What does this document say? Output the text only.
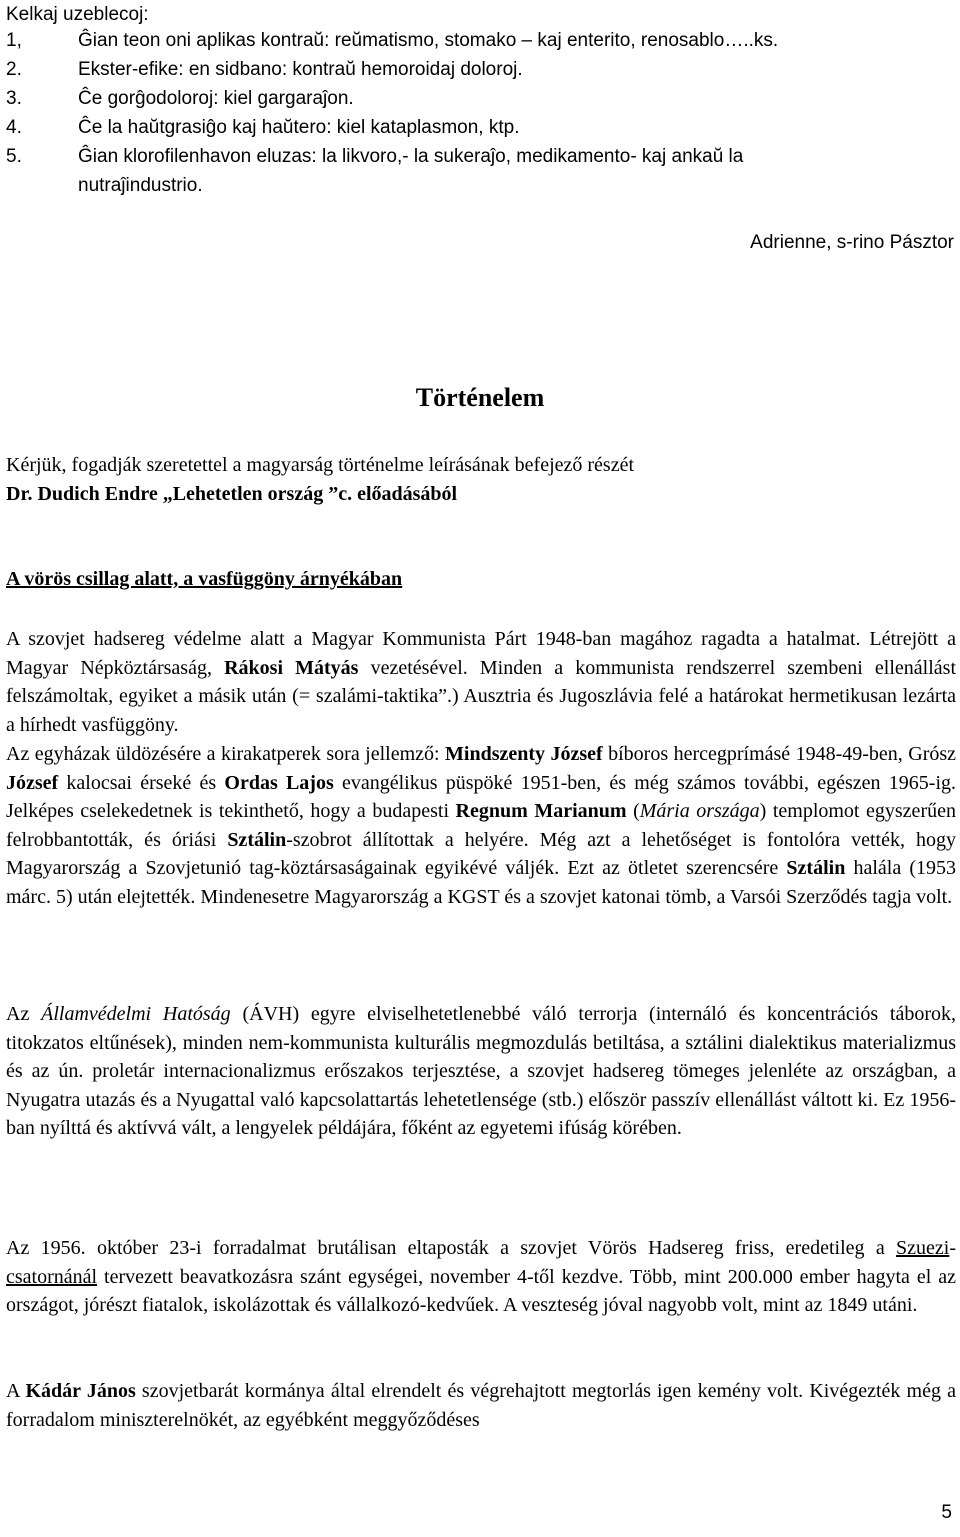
Kelkaj uzeblecoj:
1,	Ĝian teon oni aplikas kontraŭ: reŭmatismo, stomako – kaj enterito, renosablo…..ks.
2.	Ekster-efike: en sidbano: kontraŭ hemoroidaj doloroj.
3.	Ĉe gorĝodoloroj: kiel gargaraĵon.
4.	Ĉe la haŭtgrasiĝo kaj haŭtero: kiel kataplasmon, ktp.
5.	Ĝian klorofilenhavon eluzas: la likvoro,- la sukeraĵo, medikamento- kaj ankaŭ la
nutraĵindustrio.
Adrienne, s-rino Pásztor
Történelem
Kérjük, fogadják szeretettel a magyarság történelme leírásának befejező részét
Dr. Dudich Endre „Lehetetlen ország ”c. előadásából
A vörös csillag alatt, a vasfüggöny árnyékában
A szovjet hadsereg védelme alatt a Magyar Kommunista Párt 1948-ban magához ragadta a hatalmat. Létrejött a Magyar Népköztársaság, Rákosi Mátyás vezetésével. Minden a kommunista rendszerrel szembeni ellenállást felszámoltak, egyiket a másik után (= szalámi-taktika”.) Ausztria és Jugoszlávia felé a határokat hermetikusan lezárta a hírhedt vasfüggöny.
Az egyházak üldözésére a kirakatperek sora jellemző: Mindszenty József bíboros hercegprímásé 1948-49-ben, Grósz József kalocsai érseké és Ordas Lajos evangélikus püspöké 1951-ben, és még számos további, egészen 1965-ig. Jelképes cselekedetnek is tekinthető, hogy a budapesti Regnum Marianum (Mária országa) templomot egyszerűen felrobbantották, és óriási Sztálin-szobrot állítottak a helyére. Még azt a lehetőséget is fontolóra vették, hogy Magyarország a Szovjetunió tag-köztársaságainak egyikévé váljék. Ezt az ötletet szerencsére Sztálin halála (1953 márc. 5) után elejtették. Mindenesetre Magyarország a KGST és a szovjet katonai tömb, a Varsói Szerződés tagja volt.
Az Államvédelmi Hatóság (ÁVH) egyre elviselhetetlenebbé váló terrorja (internáló és koncentrációs táborok, titokzatos eltűnések), minden nem-kommunista kulturális megmozdulás betiltása, a sztálini dialektikus materializmus és az ún. proletár internacionalizmus erőszakos terjesztése, a szovjet hadsereg tömeges jelenléte az országban, a Nyugatra utazás és a Nyugattal való kapcsolattartás lehetetlensége (stb.) először passzív ellenállást váltott ki. Ez 1956-ban nyílttá és aktívvá vált, a lengyelek példájára, főként az egyetemi ifúság körében.
Az 1956. október 23-i forradalmat brutálisan eltaposták a szovjet Vörös Hadsereg friss, eredetileg a Szuezi-csatornánál tervezett beavatkozásra szánt egységei, november 4-től kezdve. Több, mint 200.000 ember hagyta el az országot, jórészt fiatalok, iskolázottak és vállalkozó-kedvűek. A veszteség jóval nagyobb volt, mint az 1849 utáni.
A Kádár János szovjetbarát kormánya által elrendelt és végrehajtott megtorlás igen kemény volt. Kivégezték még a forradalom miniszterelnökét, az egyébként meggyőződéses
5
